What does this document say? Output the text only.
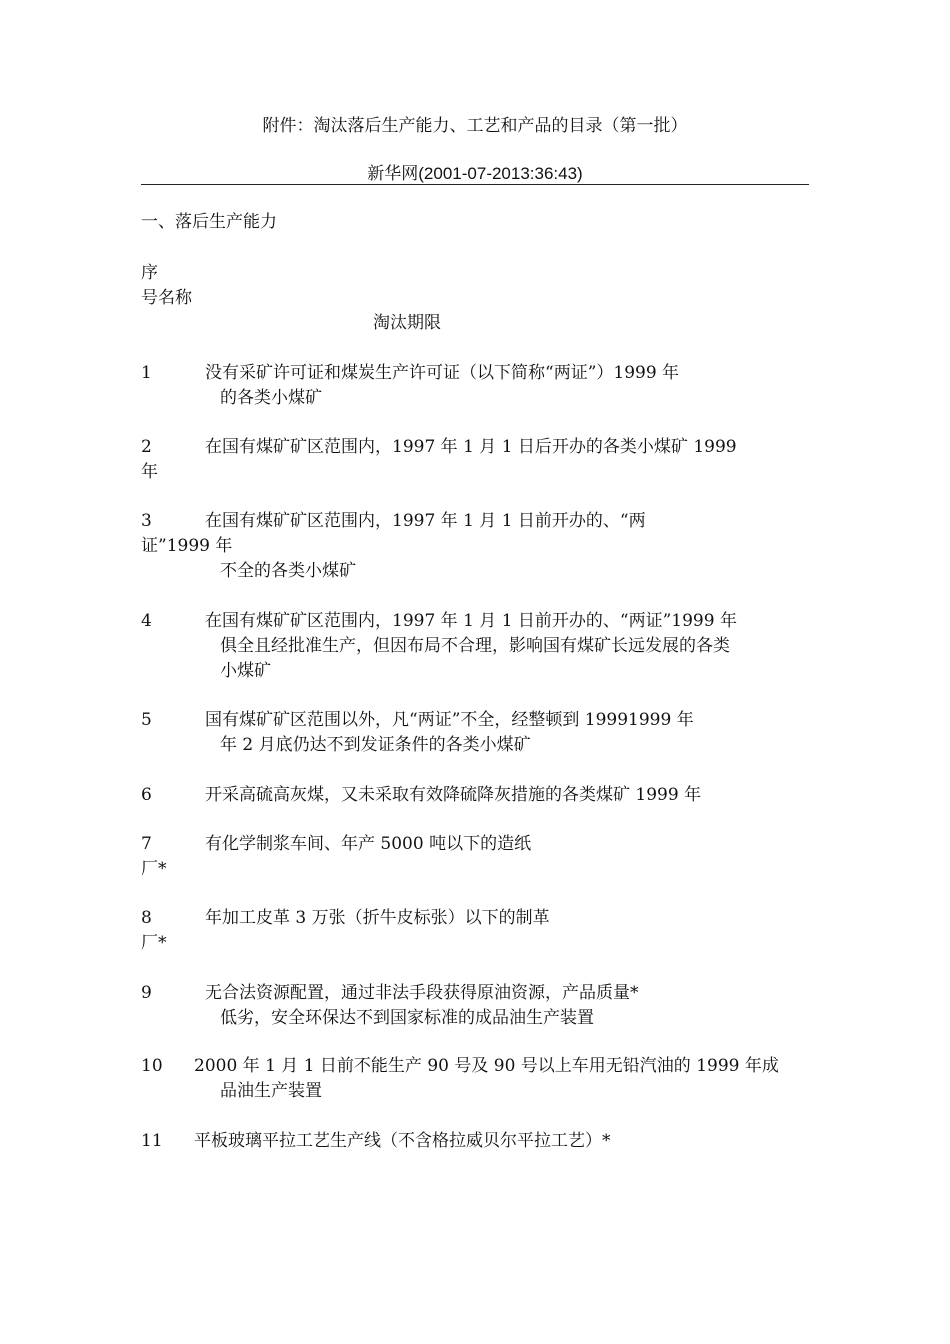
附件：淘汰落后生产能力、工艺和产品的目录（第一批）
新华网(2001-07-2013:36:43)
一、落后生产能力
序
号名称
淘汰期限
1	没有采矿许可证和煤炭生产许可证（以下简称“两证”）1999 年
的各类小煤矿
2	在国有煤矿矿区范围内，1997 年 1 月 1 日后开办的各类小煤矿 1999
年
3	在国有煤矿矿区范围内，1997 年 1 月 1 日前开办的、“两
证”1999 年
不全的各类小煤矿
4	在国有煤矿矿区范围内，1997 年 1 月 1 日前开办的、“两证”1999 年
俱全且经批准生产，但因布局不合理，影响国有煤矿长远发展的各类
小煤矿
5	国有煤矿矿区范围以外，凡“两证”不全，经整顿到 19991999 年
年 2 月底仍达不到发证条件的各类小煤矿
6	开采高硫高灰煤，又未采取有效降硫降灰措施的各类煤矿 1999 年
7	有化学制浆车间、年产 5000 吨以下的造纸
厂*
8	年加工皮革 3 万张（折牛皮标张）以下的制革
厂*
9	无合法资源配置，通过非法手段获得原油资源，产品质量*
低劣，安全环保达不到国家标准的成品油生产装置
10 2000 年 1 月 1 日前不能生产 90 号及 90 号以上车用无铅汽油的 1999 年成
品油生产装置
11 平板玻璃平拉工艺生产线（不含格拉威贝尔平拉工艺）*
